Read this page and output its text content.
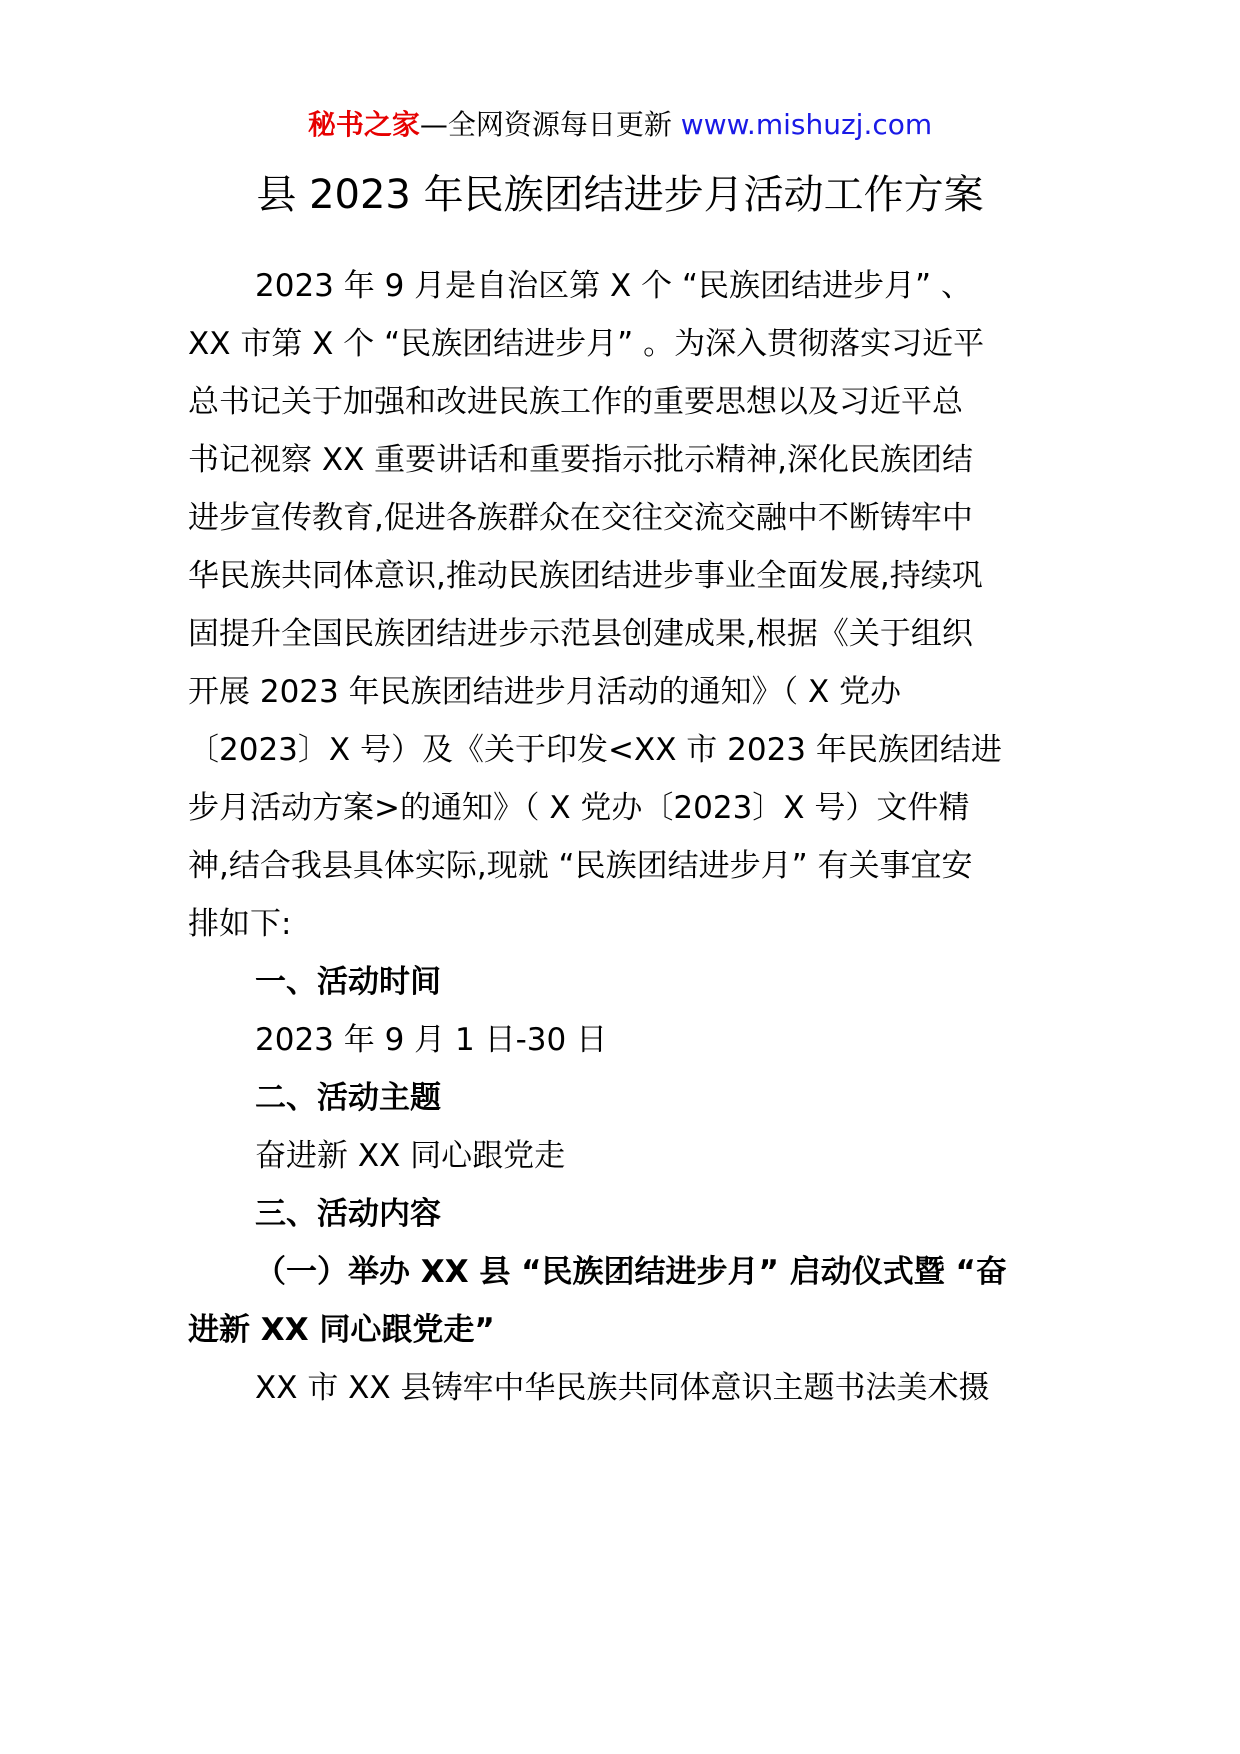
秘书之家—全网资源每日更新 www.mishuzj.com
县 2023 年民族团结进步月活动工作方案
2023 年 9 月是自治区第 X 个 “民族团结进步月” 、
XX 市第 X 个 “民族团结进步月” 。为深入贯彻落实习近平
总书记关于加强和改进民族工作的重要思想以及习近平总
书记视察 XX 重要讲话和重要指示批示精神,深化民族团结
进步宣传教育,促进各族群众在交往交流交融中不断铸牢中
华民族共同体意识,推动民族团结进步事业全面发展,持续巩
固提升全国民族团结进步示范县创建成果,根据《关于组织
开展 2023 年民族团结进步月活动的通知》（ X 党办
〔2023〕X 号）及《关于印发<XX 市 2023 年民族团结进
步月活动方案>的通知》（ X 党办〔2023〕X 号）文件精
神,结合我县具体实际,现就 “民族团结进步月” 有关事宜安
排如下:
一、活动时间
2023 年 9 月 1 日-30 日
二、活动主题
奋进新 XX 同心跟党走
三、活动内容
（一）举办 XX 县 “民族团结进步月” 启动仪式暨 “奋
进新 XX 同心跟党走”
XX 市 XX 县铸牢中华民族共同体意识主题书法美术摄
